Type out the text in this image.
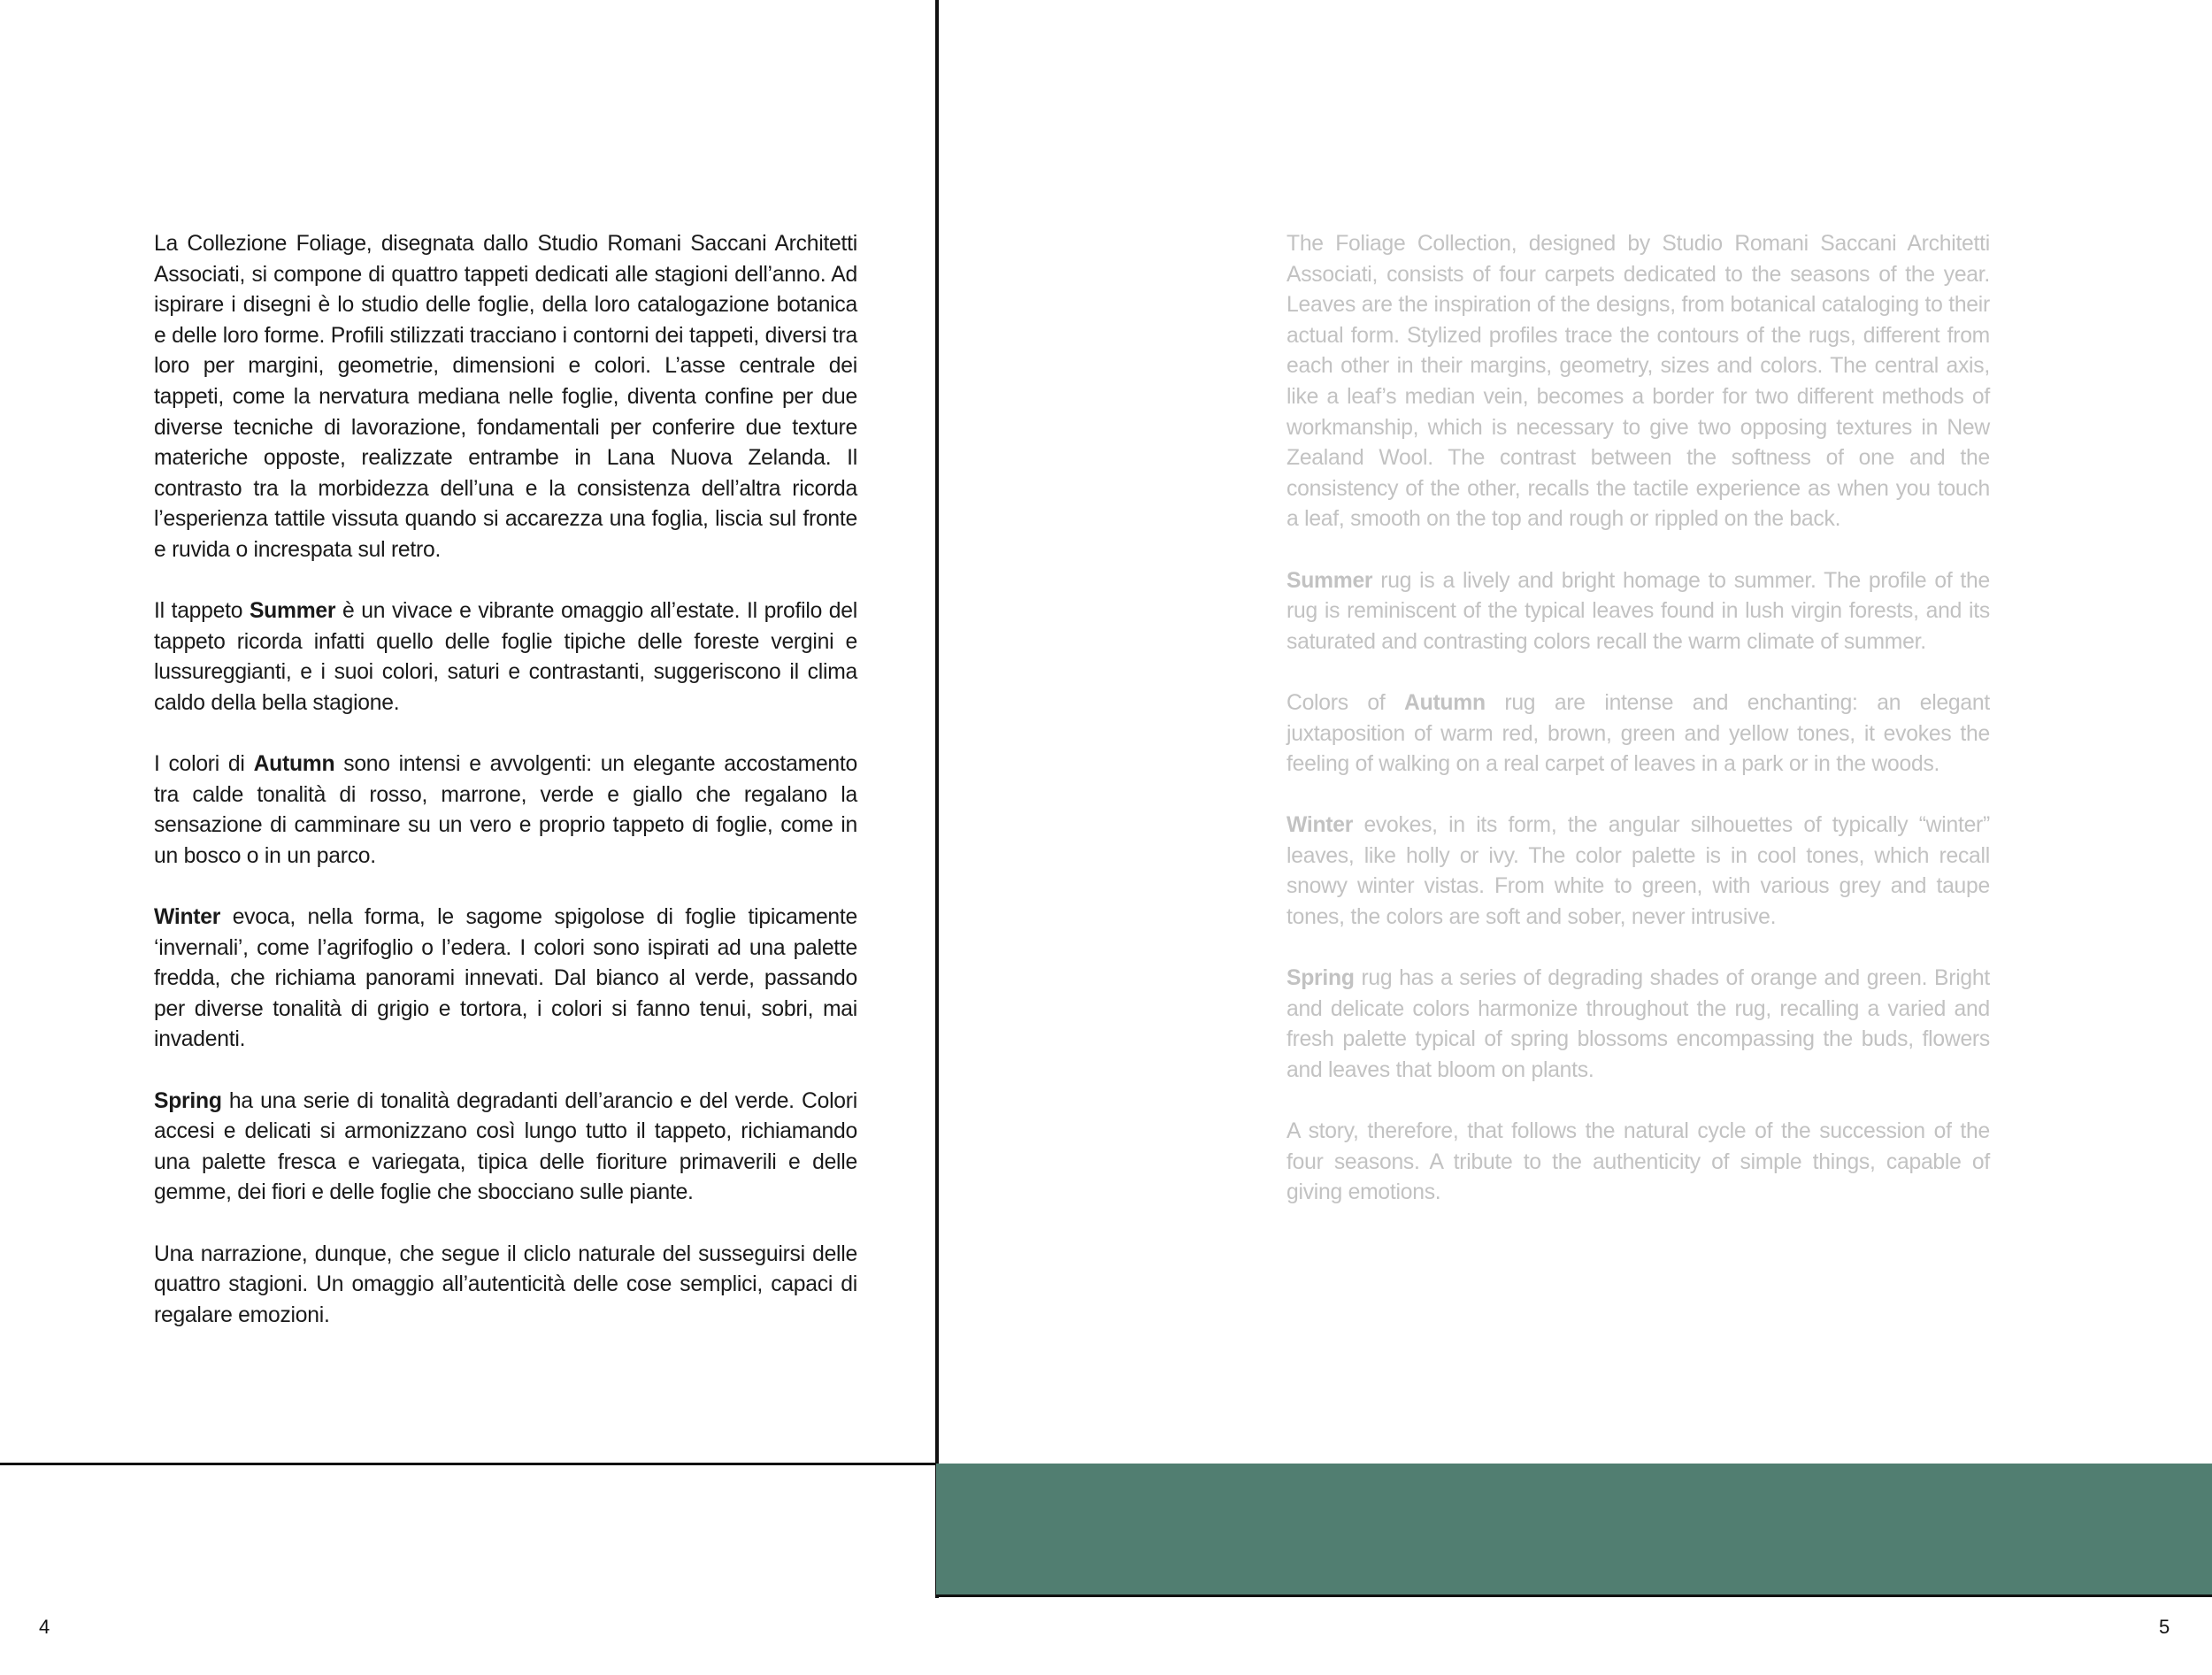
La Collezione Foliage, disegnata dallo Studio Romani Saccani Architetti Associati, si compone di quattro tappeti dedicati alle stagioni dell’anno. Ad ispirare i disegni è lo studio delle foglie, della loro catalogazione botanica e delle loro forme. Profili stilizzati tracciano i contorni dei tappeti, diversi tra loro per margini, geometrie, dimensioni e colori. L’asse centrale dei tappeti, come la nervatura mediana nelle foglie, diventa confine per due diverse tecniche di lavorazione, fondamentali per conferire due texture materiche opposte, realizzate entrambe in Lana Nuova Zelanda. Il contrasto tra la morbidezza dell’una e la consistenza dell’altra ricorda l’esperienza tattile vissuta quando si accarezza una foglia, liscia sul fronte e ruvida o increspata sul retro.

Il tappeto Summer è un vivace e vibrante omaggio all’estate. Il profilo del tappeto ricorda infatti quello delle foglie tipiche delle foreste vergini e lussureggianti, e i suoi colori, saturi e contrastanti, suggeriscono il clima caldo della bella stagione.

I colori di Autumn sono intensi e avvolgenti: un elegante accostamento tra calde tonalità di rosso, marrone, verde e giallo che regalano la sensazione di camminare su un vero e proprio tappeto di foglie, come in un bosco o in un parco.

Winter evoca, nella forma, le sagome spigolose di foglie tipicamente ‘invernali’, come l’agrifoglio o l’edera. I colori sono ispirati ad una palette fredda, che richiama panorami innevati. Dal bianco al verde, passando per diverse tonalità di grigio e tortora, i colori si fanno tenui, sobri, mai invadenti.

Spring ha una serie di tonalità degradanti dell’arancio e del verde. Colori accesi e delicati si armonizzano così lungo tutto il tappeto, richiamando una palette fresca e variegata, tipica delle fioriture primaverili e delle gemme, dei fiori e delle foglie che sbocciano sulle piante.

Una narrazione, dunque, che segue il cliclo naturale del susseguirsi delle quattro stagioni. Un omaggio all’autenticità delle cose semplici, capaci di regalare emozioni.

The Foliage Collection, designed by Studio Romani Saccani Architetti Associati, consists of four carpets dedicated to the seasons of the year. Leaves are the inspiration of the designs, from botanical cataloging to their actual form. Stylized profiles trace the contours of the rugs, different from each other in their margins, geometry, sizes and colors. The central axis, like a leaf’s median vein, becomes a border for two different methods of workmanship, which is necessary to give two opposing textures in New Zealand Wool. The contrast between the softness of one and the consistency of the other, recalls the tactile experience as when you touch a leaf, smooth on the top and rough or rippled on the back.

Summer rug is a lively and bright homage to summer. The profile of the rug is reminiscent of the typical leaves found in lush virgin forests, and its saturated and contrasting colors recall the warm climate of summer.

Colors of Autumn rug are intense and enchanting: an elegant juxtaposition of warm red, brown, green and yellow tones, it evokes the feeling of walking on a real carpet of leaves in a park or in the woods.

Winter evokes, in its form, the angular silhouettes of typically “winter” leaves, like holly or ivy. The color palette is in cool tones, which recall snowy winter vistas. From white to green, with various grey and taupe tones, the colors are soft and sober, never intrusive.

Spring rug has a series of degrading shades of orange and green. Bright and delicate colors harmonize throughout the rug, recalling a varied and fresh palette typical of spring blossoms encompassing the buds, flowers and leaves that bloom on plants.

A story, therefore, that follows the natural cycle of the succession of the four seasons. A tribute to the authenticity of simple things, capable of giving emotions.

4	5
